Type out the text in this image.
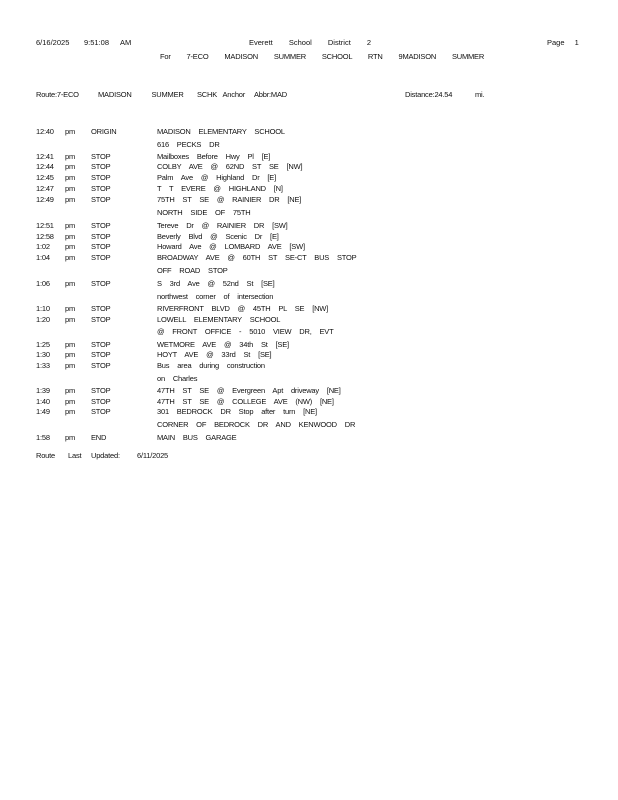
6/16/2025 9:51:08 AM	Everett School District 2	Page 1
For 7-ECO MADISON SUMMER SCHOOL RTN 9MADISON SUMMER
Route:7-ECO	MADISON SUMMER SCHK Anchor Abbr:MAD	Distance:24.54	mi.
12:40 pm ORIGIN	MADISON ELEMENTARY SCHOOL
616 PECKS DR
12:41 pm STOP	Mailboxes Before Hwy Pl [E]
12:44 pm STOP	COLBY AVE @ 62ND ST SE [NW]
12:45 pm STOP	Palm Ave @ Highland Dr [E]
12:47 pm STOP	T T EVERE @ HIGHLAND [N]
12:49 pm STOP	75TH ST SE @ RAINIER DR [NE]
NORTH SIDE OF 75TH
12:51 pm STOP	Tereve Dr @ RAINIER DR [SW]
12:58 pm STOP	Beverly Blvd @ Scenic Dr [E]
1:02 pm STOP	Howard Ave @ LOMBARD AVE [SW]
1:04 pm STOP	BROADWAY AVE @ 60TH ST SE-CT BUS STOP
OFF ROAD STOP
1:06 pm STOP	S 3rd Ave @ 52nd St [SE]
northwest corner of intersection
1:10 pm STOP	RIVERFRONT BLVD @ 45TH PL SE [NW]
1:20 pm STOP	LOWELL ELEMENTARY SCHOOL
@ FRONT OFFICE - 5010 VIEW DR, EVT
1:25 pm STOP	WETMORE AVE @ 34th St [SE]
1:30 pm STOP	HOYT AVE @ 33rd St [SE]
1:33 pm STOP	Bus area during construction
on Charles
1:39 pm STOP	47TH ST SE @ Evergreen Apt driveway [NE]
1:40 pm STOP	47TH ST SE @ COLLEGE AVE (NW) [NE]
1:49 pm STOP	301 BEDROCK DR Stop after turn [NE]
CORNER OF BEDROCK DR AND KENWOOD DR
1:58 pm END	MAIN BUS GARAGE
Route Last Updated: 6/11/2025
